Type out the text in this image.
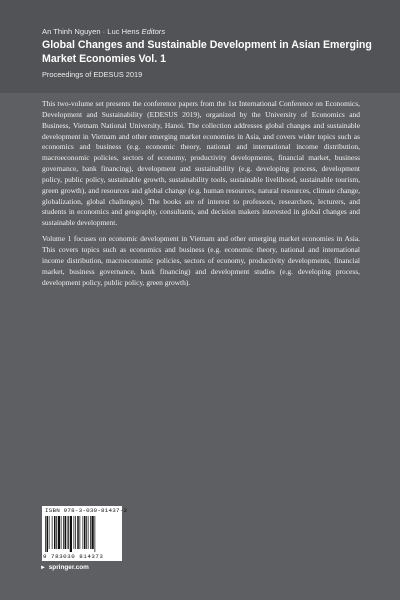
An Thinh Nguyen · Luc Hens Editors
Global Changes and Sustainable Development in Asian Emerging Market Economies Vol. 1
Proceedings of EDESUS 2019

This two-volume set presents the conference papers from the 1st International Conference on Economics, Development and Sustainability (EDESUS 2019), organized by the University of Economics and Business, Vietnam National University, Hanoi. The collection addresses global changes and sustainable development in Vietnam and other emerging market economies in Asia, and covers wider topics such as economics and business (e.g. economic theory, national and international income distribution, macroeconomic policies, sectors of economy, productivity developments, financial market, business governance, bank financing), development and sustainability (e.g. developing process, development policy, public policy, sustainable growth, sustainability tools, sustainable livelihood, sustainable tourism, green growth), and resources and global change (e.g. human resources, natural resources, climate change, globalization, global challenges). The books are of interest to professors, researchers, lecturers, and students in economics and geography, consultants, and decision makers interested in global changes and sustainable development.

Volume 1 focuses on economic development in Vietnam and other emerging market economies in Asia. This covers topics such as economics and business (e.g. economic theory, national and international income distribution, macroeconomic policies, sectors of economy, productivity developments, financial market, business governance, bank financing) and development studies (e.g. developing process, development policy, public policy, green growth).

ISBN 978-3-030-81437-3
9 783030 814373
► springer.com
